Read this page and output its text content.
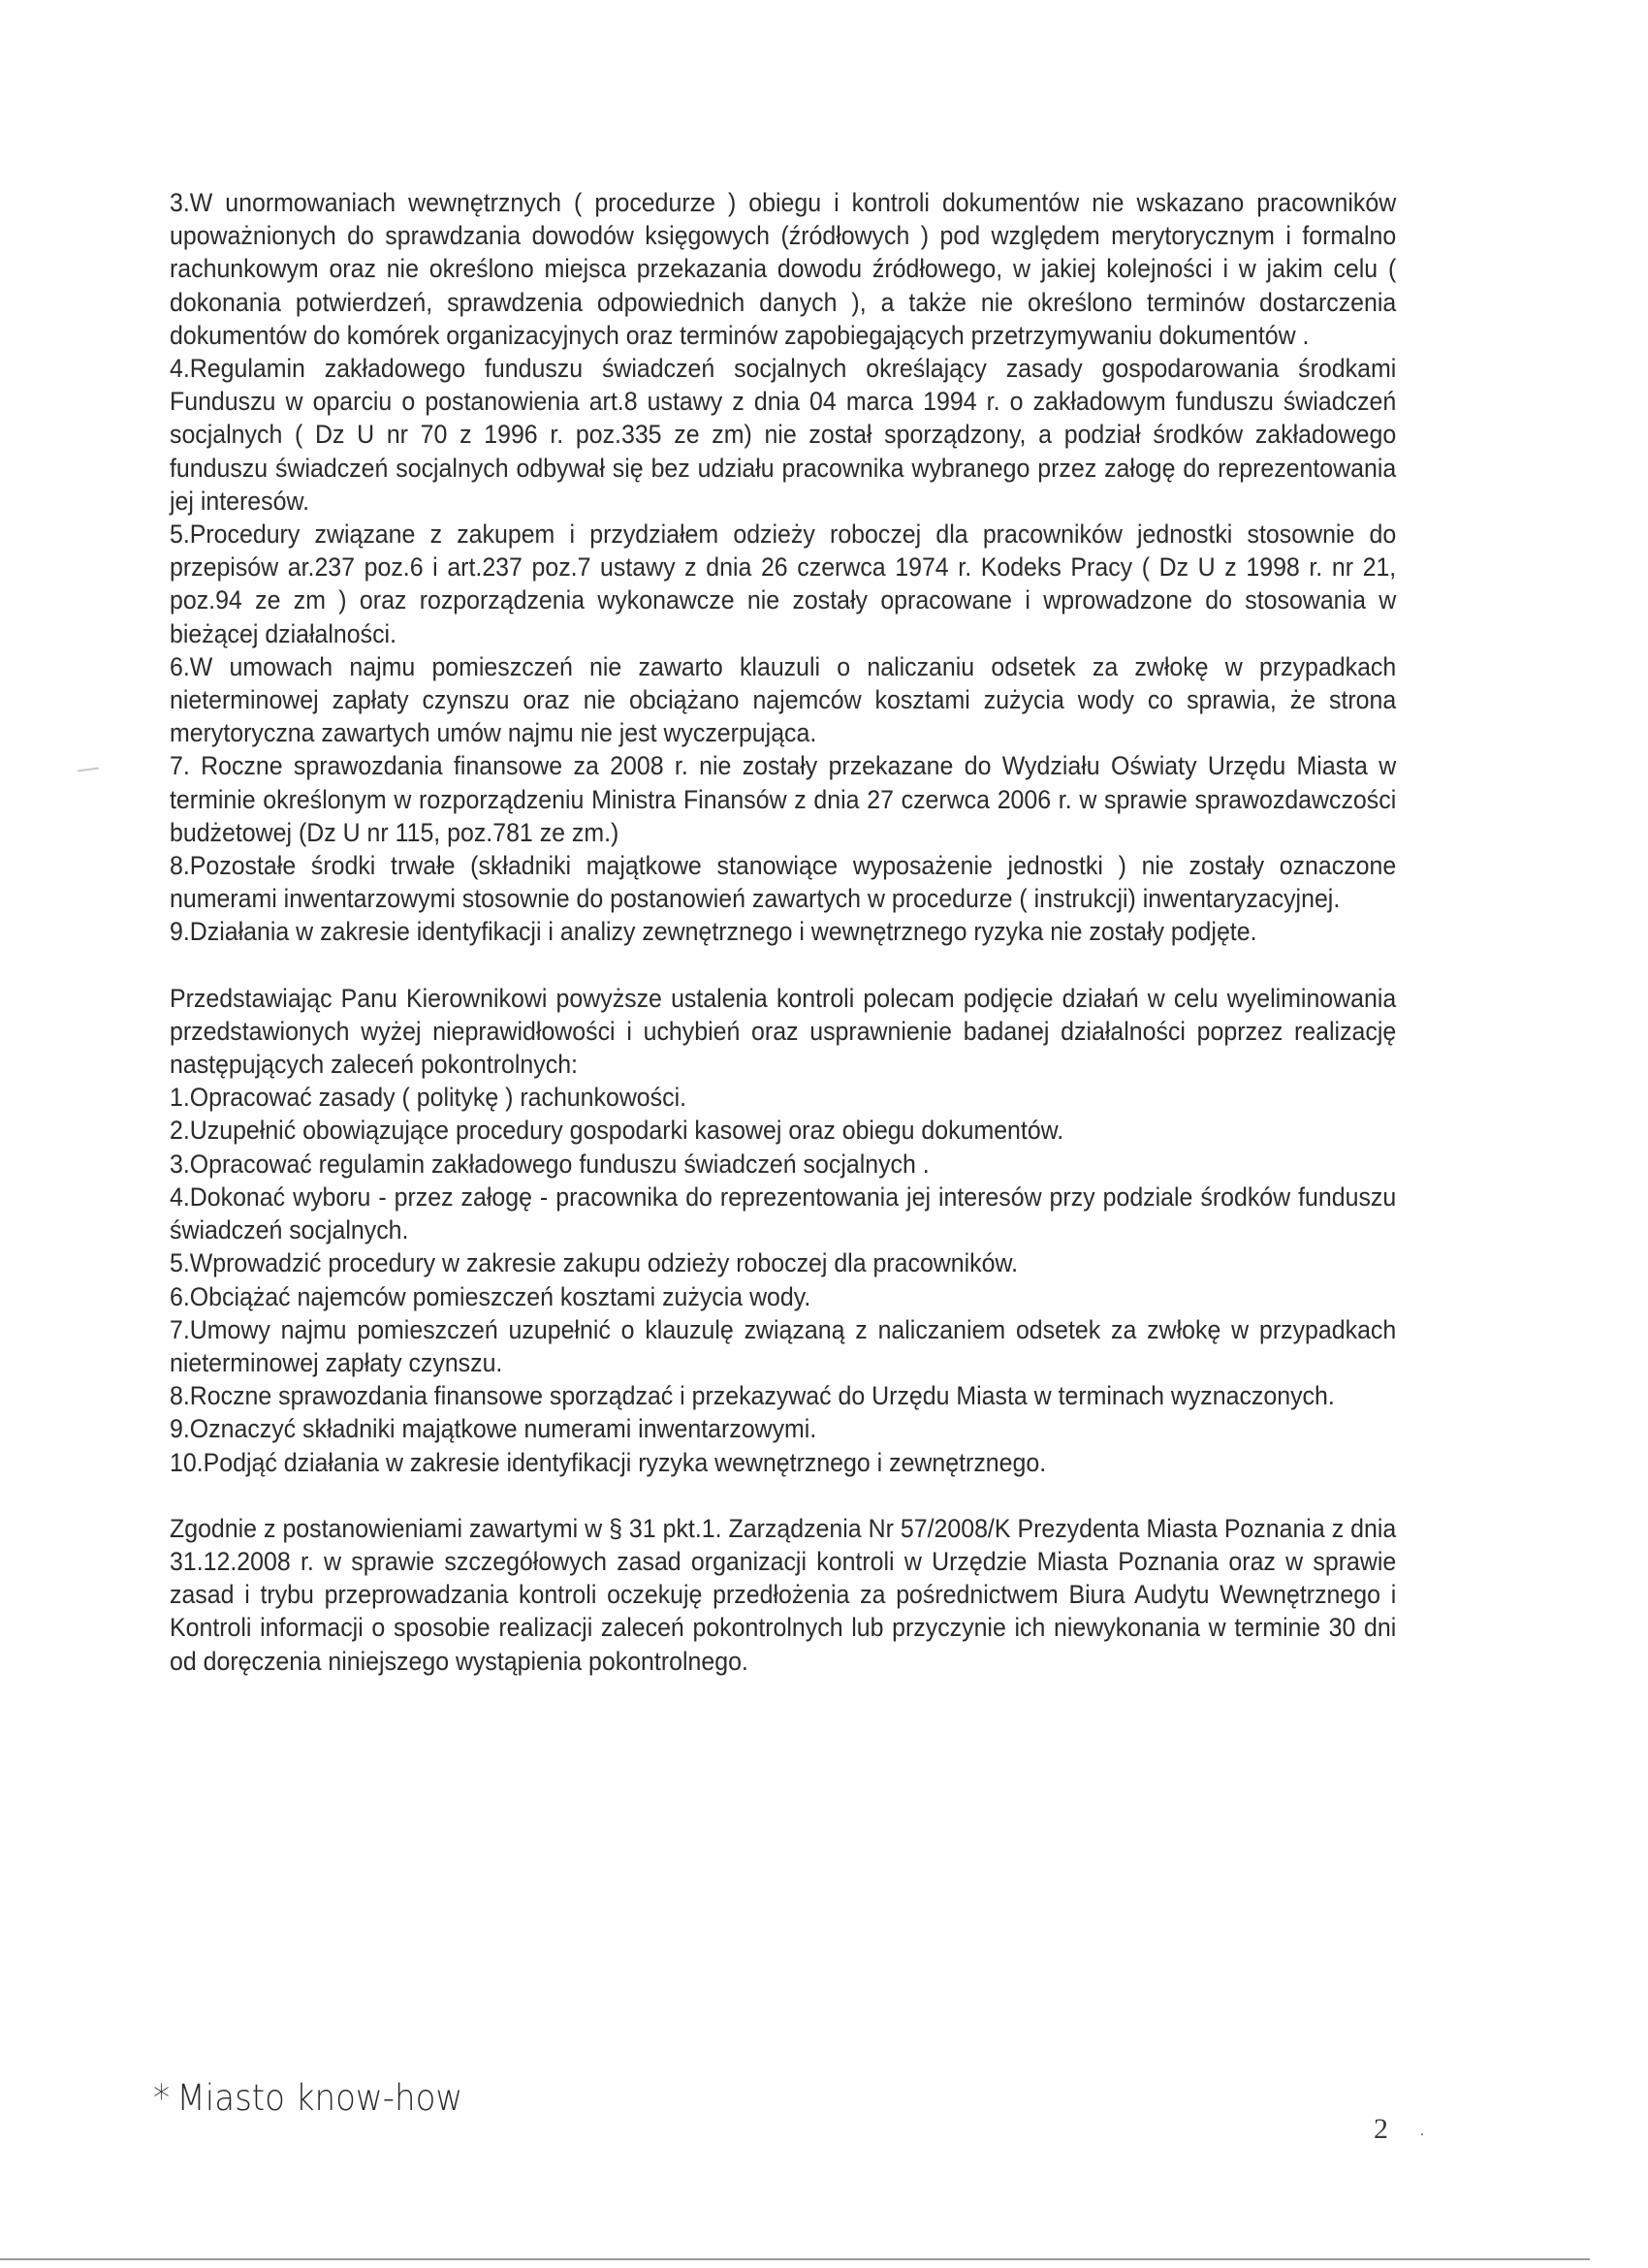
3.W unormowaniach wewnętrznych ( procedurze ) obiegu i kontroli dokumentów nie wskazano pracowników upoważnionych do sprawdzania dowodów księgowych (źródłowych ) pod względem merytorycznym i formalno rachunkowym oraz nie określono miejsca przekazania dowodu źródłowego, w jakiej kolejności i w jakim celu ( dokonania potwierdzeń, sprawdzenia odpowiednich danych ), a także nie określono terminów dostarczenia dokumentów do komórek organizacyjnych oraz terminów zapobiegających przetrzymywaniu dokumentów .

4.Regulamin zakładowego funduszu świadczeń socjalnych określający zasady gospodarowania środkami Funduszu w oparciu o postanowienia art.8 ustawy z dnia 04 marca 1994 r. o zakładowym funduszu świadczeń socjalnych ( Dz U nr 70 z 1996 r. poz.335 ze zm) nie został sporządzony, a podział środków zakładowego funduszu świadczeń socjalnych odbywał się bez udziału pracownika wybranego przez załogę do reprezentowania jej interesów.

5.Procedury związane z zakupem i przydziałem odzieży roboczej dla pracowników jednostki stosownie do przepisów ar.237 poz.6 i art.237 poz.7 ustawy z dnia 26 czerwca 1974 r. Kodeks Pracy ( Dz U z 1998 r. nr 21, poz.94 ze zm ) oraz rozporządzenia wykonawcze nie zostały opracowane i wprowadzone do stosowania w bieżącej działalności.

6.W umowach najmu pomieszczeń nie zawarto klauzuli o naliczaniu odsetek za zwłokę w przypadkach nieterminowej zapłaty czynszu oraz nie obciążano najemców kosztami zużycia wody co sprawia, że strona merytoryczna zawartych umów najmu nie jest wyczerpująca.

7. Roczne sprawozdania finansowe za 2008 r. nie zostały przekazane do Wydziału Oświaty Urzędu Miasta w terminie określonym w rozporządzeniu Ministra Finansów z dnia 27 czerwca 2006 r. w sprawie sprawozdawczości budżetowej (Dz U nr 115, poz.781 ze zm.)

8.Pozostałe środki trwałe (składniki majątkowe stanowiące wyposażenie jednostki ) nie zostały oznaczone numerami inwentarzowymi stosownie do postanowień zawartych w procedurze ( instrukcji) inwentaryzacyjnej.

9.Działania w zakresie identyfikacji i analizy zewnętrznego i wewnętrznego ryzyka nie zostały podjęte.

Przedstawiając Panu Kierownikowi powyższe ustalenia kontroli polecam podjęcie działań w celu wyeliminowania przedstawionych wyżej nieprawidłowości i uchybień oraz usprawnienie badanej działalności poprzez realizację następujących zaleceń pokontrolnych:

1.Opracować zasady ( politykę ) rachunkowości.

2.Uzupełnić obowiązujące procedury gospodarki kasowej oraz obiegu dokumentów.

3.Opracować regulamin zakładowego funduszu świadczeń socjalnych .

4.Dokonać wyboru - przez załogę - pracownika do reprezentowania jej interesów przy podziale środków funduszu świadczeń socjalnych.

5.Wprowadzić procedury w zakresie zakupu odzieży roboczej dla pracowników.

6.Obciążać najemców pomieszczeń kosztami zużycia wody.

7.Umowy najmu pomieszczeń uzupełnić o klauzulę związaną z naliczaniem odsetek za zwłokę w przypadkach nieterminowej zapłaty czynszu.

8.Roczne sprawozdania finansowe sporządzać i przekazywać do Urzędu Miasta w terminach wyznaczonych.

9.Oznaczyć składniki majątkowe numerami inwentarzowymi.

10.Podjąć działania w zakresie identyfikacji ryzyka wewnętrznego i zewnętrznego.

Zgodnie z postanowieniami zawartymi w § 31 pkt.1. Zarządzenia Nr 57/2008/K Prezydenta Miasta Poznania z dnia 31.12.2008 r. w sprawie szczegółowych zasad organizacji kontroli w Urzędzie Miasta Poznania oraz w sprawie zasad i trybu przeprowadzania kontroli oczekuję przedłożenia za pośrednictwem Biura Audytu Wewnętrznego i Kontroli informacji o sposobie realizacji zaleceń pokontrolnych lub przyczynie ich niewykonania w terminie 30 dni od doręczenia niniejszego wystąpienia pokontrolnego.

* Miasto know-how
2 .
